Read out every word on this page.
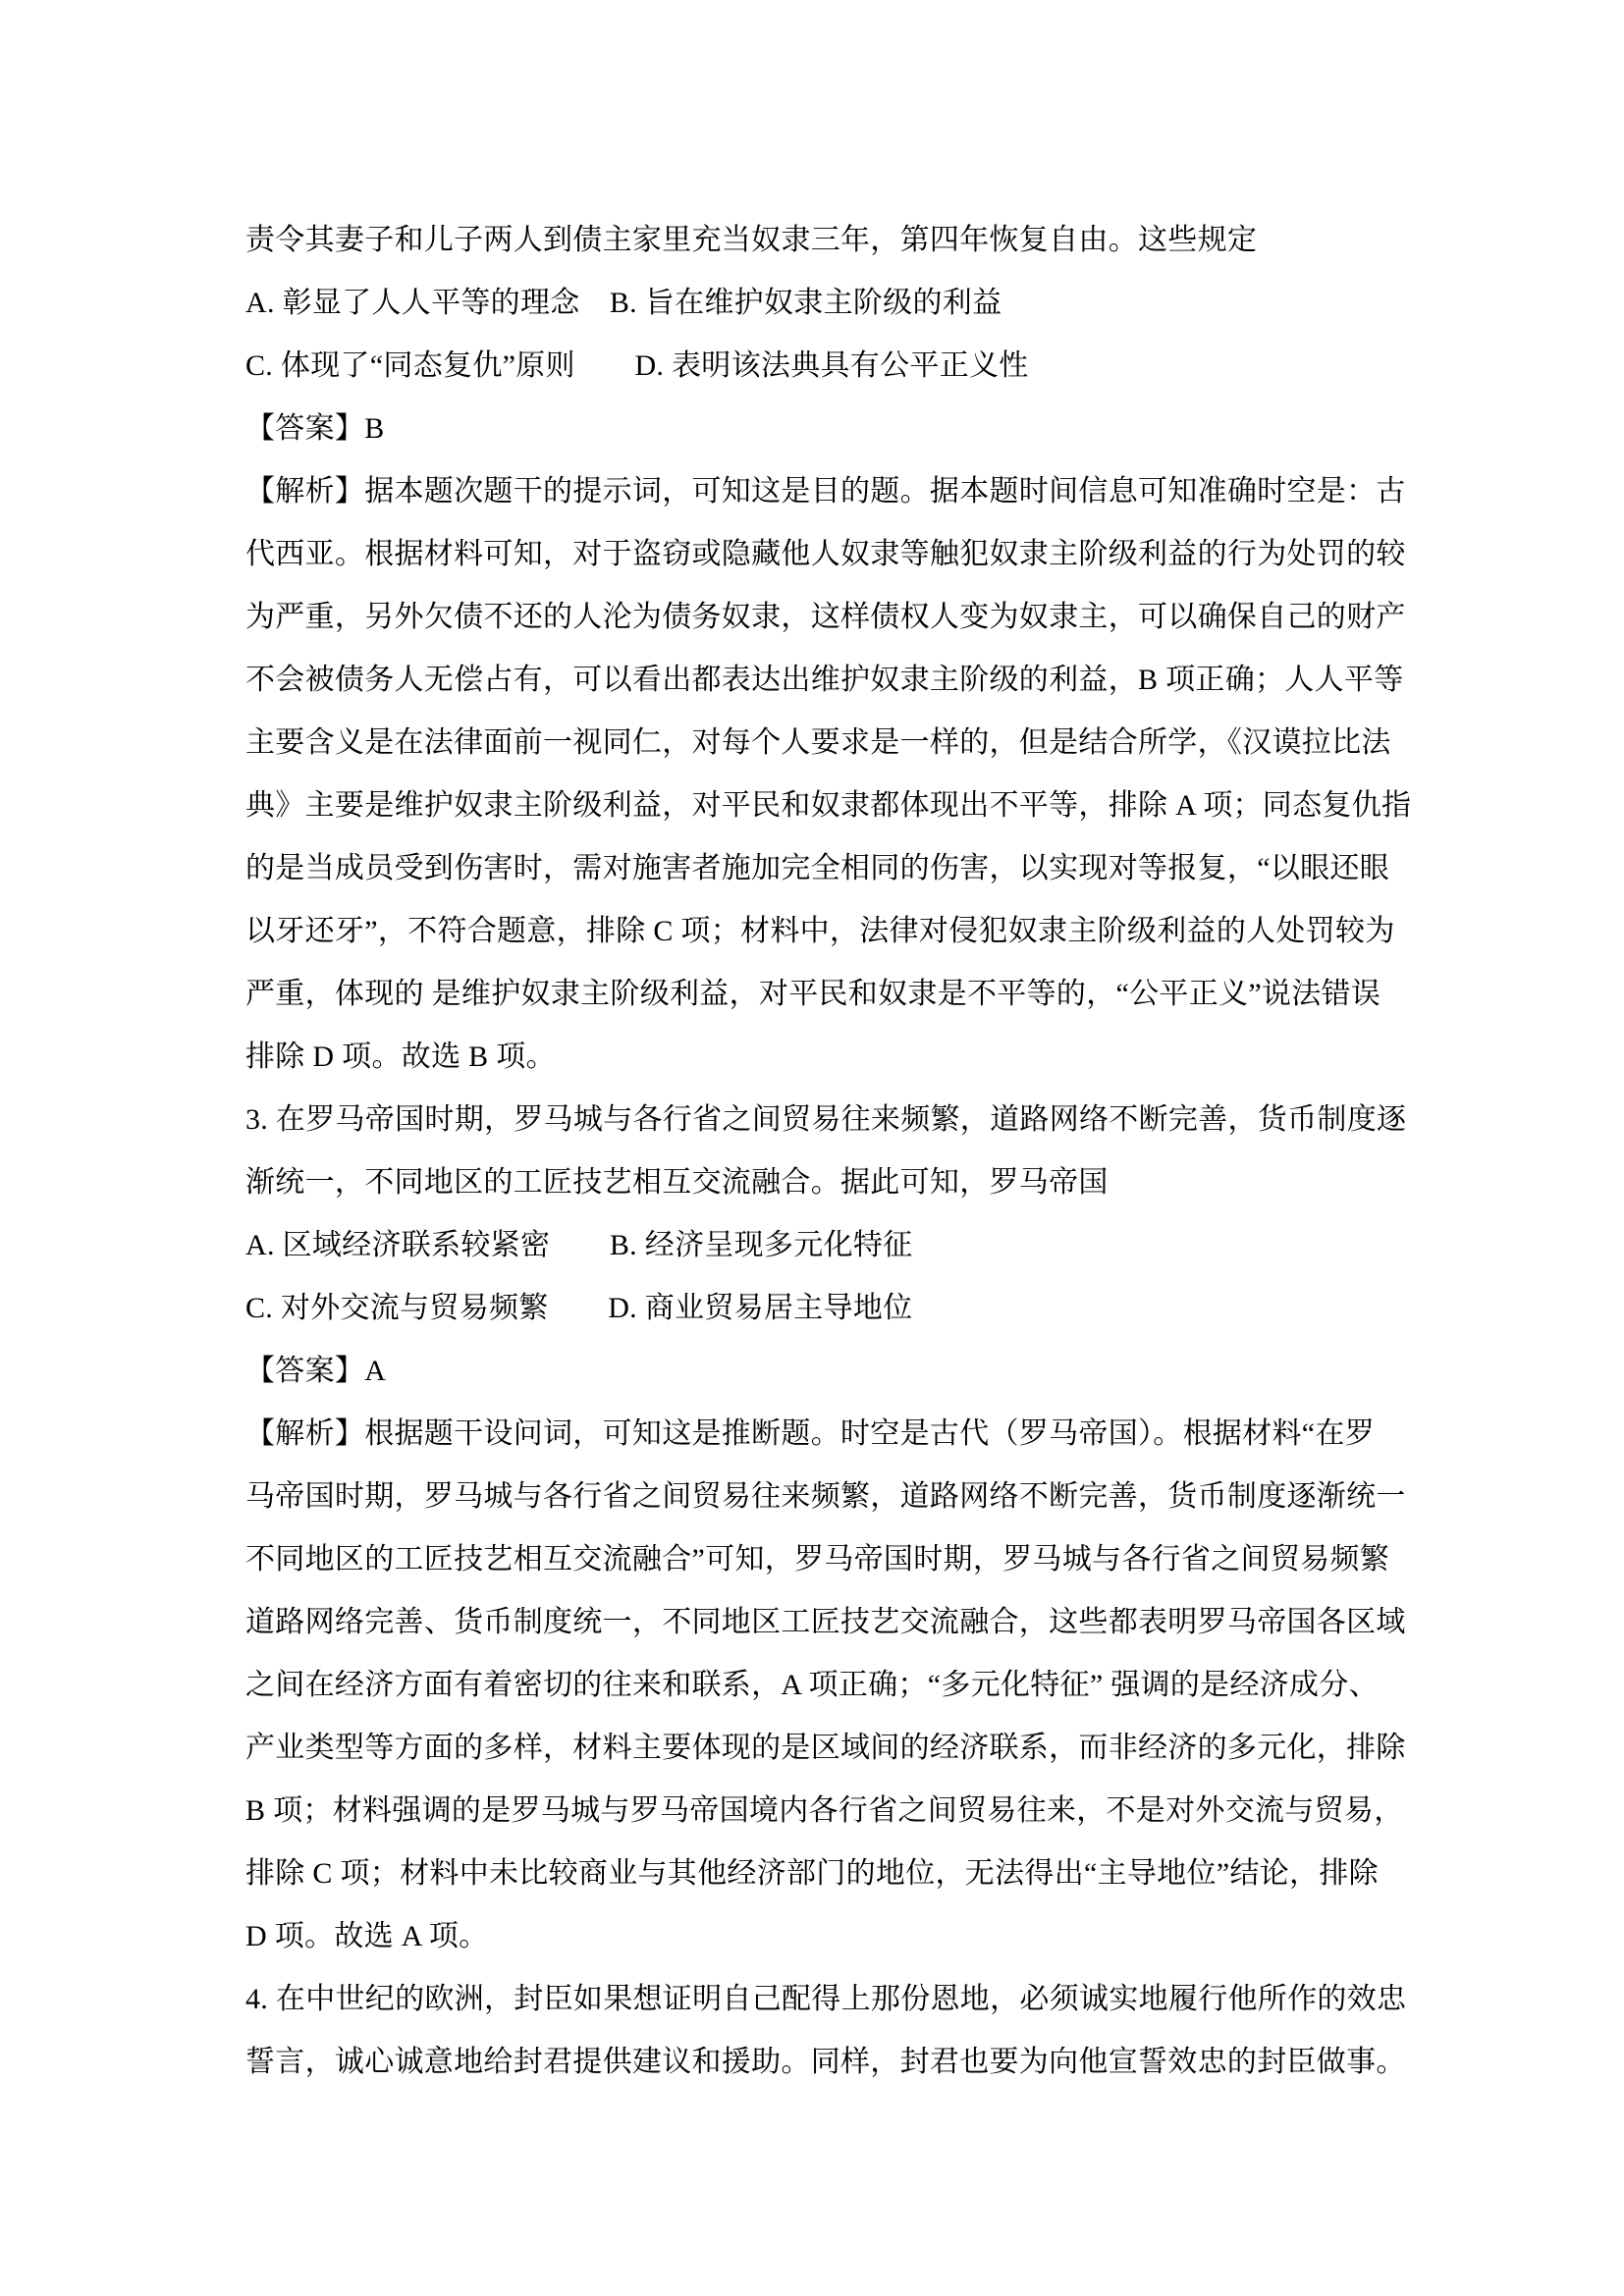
责令其妻子和儿子两人到债主家里充当奴隶三年，第四年恢复自由。这些规定
A. 彰显了人人平等的理念　B. 旨在维护奴隶主阶级的利益
C. 体现了“同态复仇”原则　　D. 表明该法典具有公平正义性
【答案】B
【解析】据本题次题干的提示词，可知这是目的题。据本题时间信息可知准确时空是：古
代西亚。根据材料可知，对于盗窃或隐藏他人奴隶等触犯奴隶主阶级利益的行为处罚的较
为严重，另外欠债不还的人沦为债务奴隶，这样债权人变为奴隶主，可以确保自己的财产
不会被债务人无偿占有，可以看出都表达出维护奴隶主阶级的利益，B 项正确；人人平等
主要含义是在法律面前一视同仁，对每个人要求是一样的，但是结合所学，《汉谟拉比法
典》主要是维护奴隶主阶级利益，对平民和奴隶都体现出不平等，排除 A 项；同态复仇指
的是当成员受到伤害时，需对施害者施加完全相同的伤害，以实现对等报复，“以眼还眼
以牙还牙”，不符合题意，排除 C 项；材料中，法律对侵犯奴隶主阶级利益的人处罚较为
严重，体现的 是维护奴隶主阶级利益，对平民和奴隶是不平等的，“公平正义”说法错误
排除 D 项。故选 B 项。
3. 在罗马帝国时期，罗马城与各行省之间贸易往来频繁，道路网络不断完善，货币制度逐
渐统一，不同地区的工匠技艺相互交流融合。据此可知，罗马帝国
A. 区域经济联系较紧密　　B. 经济呈现多元化特征
C. 对外交流与贸易频繁　　D. 商业贸易居主导地位
【答案】A
【解析】根据题干设问词，可知这是推断题。时空是古代（罗马帝国）。根据材料“在罗
马帝国时期，罗马城与各行省之间贸易往来频繁，道路网络不断完善，货币制度逐渐统一
不同地区的工匠技艺相互交流融合”可知，罗马帝国时期，罗马城与各行省之间贸易频繁
道路网络完善、货币制度统一，不同地区工匠技艺交流融合，这些都表明罗马帝国各区域
之间在经济方面有着密切的往来和联系，A 项正确；“多元化特征” 强调的是经济成分、
产业类型等方面的多样，材料主要体现的是区域间的经济联系，而非经济的多元化，排除
B 项；材料强调的是罗马城与罗马帝国境内各行省之间贸易往来，不是对外交流与贸易，
排除 C 项；材料中未比较商业与其他经济部门的地位，无法得出“主导地位”结论，排除
D 项。故选 A 项。
4. 在中世纪的欧洲，封臣如果想证明自己配得上那份恩地，必须诚实地履行他所作的效忠
誓言，诚心诚意地给封君提供建议和援助。同样，封君也要为向他宣誓效忠的封臣做事。
